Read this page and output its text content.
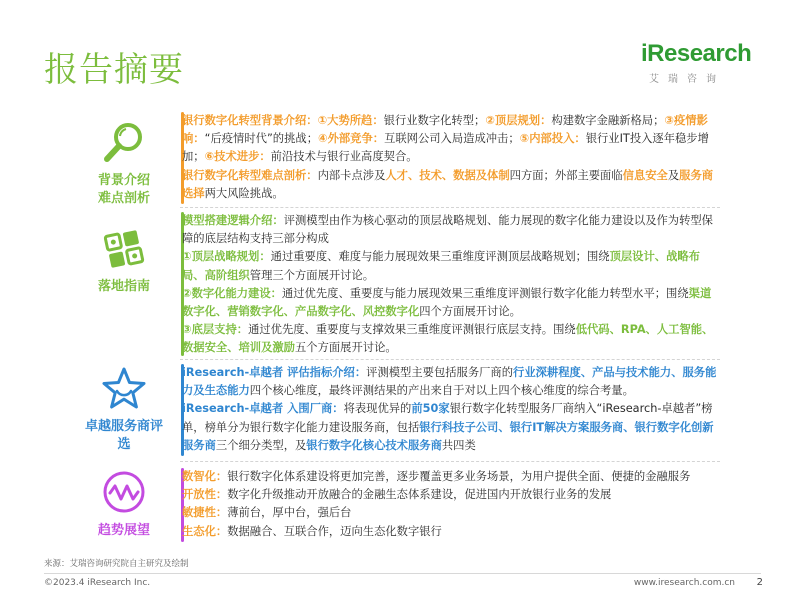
报告摘要	iResearch
艾瑞咨询
背景介绍
难点剖析

银行数字化转型背景介绍：①大势所趋：银行业数字化转型；②顶层规划：构建数字金融新格局；③疫情影响：“后疫情时代”的挑战；④外部竞争：互联网公司入局造成冲击；⑤内部投入：银行业IT投入逐年稳步增加；⑥技术进步：前沿技术与银行业高度契合。

银行数字化转型难点剖析：内部卡点涉及人才、技术、数据及体制四方面；外部主要面临信息安全及服务商选择两大风险挑战。

落地指南

模型搭建逻辑介绍：评测模型由作为核心驱动的顶层战略规划、能力展现的数字化能力建设以及作为转型保障的底层结构支持三部分构成

①顶层战略规划：通过重要度、难度与能力展现效果三重维度评测顶层战略规划；围绕顶层设计、战略布局、高阶组织管理三个方面展开讨论。

②数字化能力建设：通过优先度、重要度与能力展现效果三重维度评测银行数字化能力转型水平；围绕渠道数字化、营销数字化、产品数字化、风控数字化四个方面展开讨论。

③底层支持：通过优先度、重要度与支撑效果三重维度评测银行底层支持。围绕低代码、RPA、人工智能、数据安全、培训及激励五个方面展开讨论。

卓越服务商评选

iResearch-卓越者 评估指标介绍：评测模型主要包括服务厂商的行业深耕程度、产品与技术能力、服务能力及生态能力四个核心维度，最终评测结果的产出来自于对以上四个核心维度的综合考量。

iResearch-卓越者 入围厂商：将表现优异的前50家银行数字化转型服务厂商纳入“iResearch-卓越者”榜单，榜单分为银行数字化能力建设服务商，包括银行科技子公司、银行IT解决方案服务商、银行数字化创新服务商三个细分类型，及银行数字化核心技术服务商共四类

趋势展望

数智化：银行数字化体系建设将更加完善，逐步覆盖更多业务场景，为用户提供全面、便捷的金融服务

开放性：数字化升级推动开放融合的金融生态体系建设，促进国内开放银行业务的发展

敏捷性：薄前台，厚中台，强后台

生态化：数据融合、互联合作，迈向生态化数字银行

来源：艾瑞咨询研究院自主研究及绘制
©2023.4 iResearch Inc.	www.iresearch.com.cn 2
